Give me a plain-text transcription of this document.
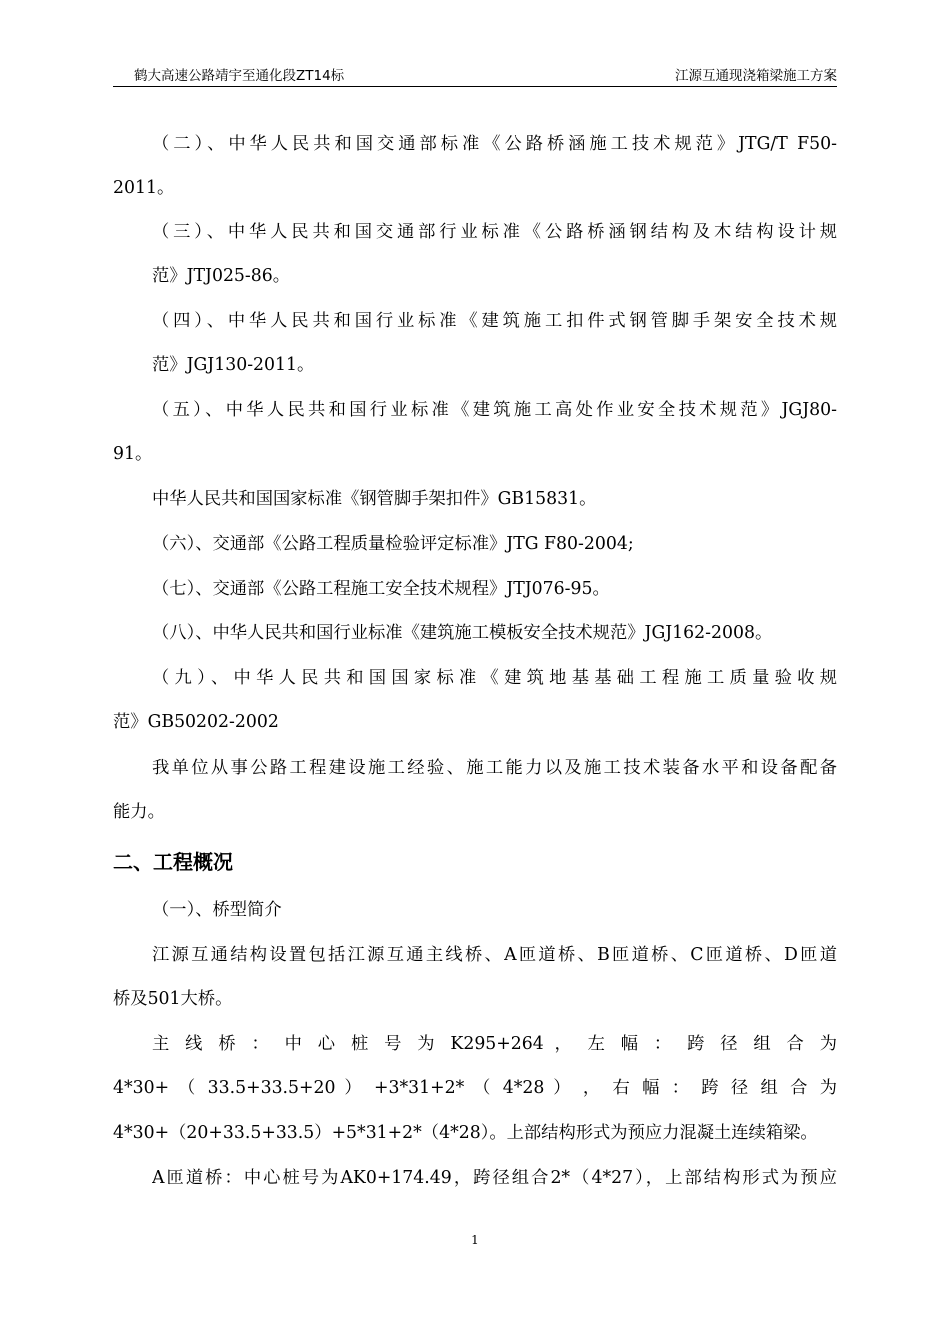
鹤大高速公路靖宇至通化段ZT14标	江源互通现浇箱梁施工方案
（二）、中华人民共和国交通部标准《公路桥涵施工技术规范》JTG/T F50-
2011。
（三）、中华人民共和国交通部行业标准《公路桥涵钢结构及木结构设计规
范》JTJ025-86。
（四）、中华人民共和国行业标准《建筑施工扣件式钢管脚手架安全技术规
范》JGJ130-2011。
（五）、中华人民共和国行业标准《建筑施工高处作业安全技术规范》JGJ80-
91。
中华人民共和国国家标准《钢管脚手架扣件》GB15831。
（六）、交通部《公路工程质量检验评定标准》JTG F80-2004;
（七）、交通部《公路工程施工安全技术规程》JTJ076-95。
（八）、中华人民共和国行业标准《建筑施工模板安全技术规范》JGJ162-2008。
（九）、中华人民共和国国家标准《建筑地基基础工程施工质量验收规
范》GB50202-2002
我单位从事公路工程建设施工经验、施工能力以及施工技术装备水平和设备配备
能力。
二、工程概况
（一）、桥型简介
江源互通结构设置包括江源互通主线桥、A匝道桥、B匝道桥、C匝道桥、D匝道
桥及501大桥。
主 线 桥 ： 中 心 桩 号 为 K295+264 ， 左 幅 ： 跨 径 组 合 为
4*30+ （ 33.5+33.5+20 ） +3*31+2* （ 4*28 ） ， 右 幅 ： 跨 径 组 合 为
4*30+（20+33.5+33.5）+5*31+2*（4*28）。上部结构形式为预应力混凝土连续箱梁。
A匝道桥：中心桩号为AK0+174.49，跨径组合2*（4*27），上部结构形式为预应
1
